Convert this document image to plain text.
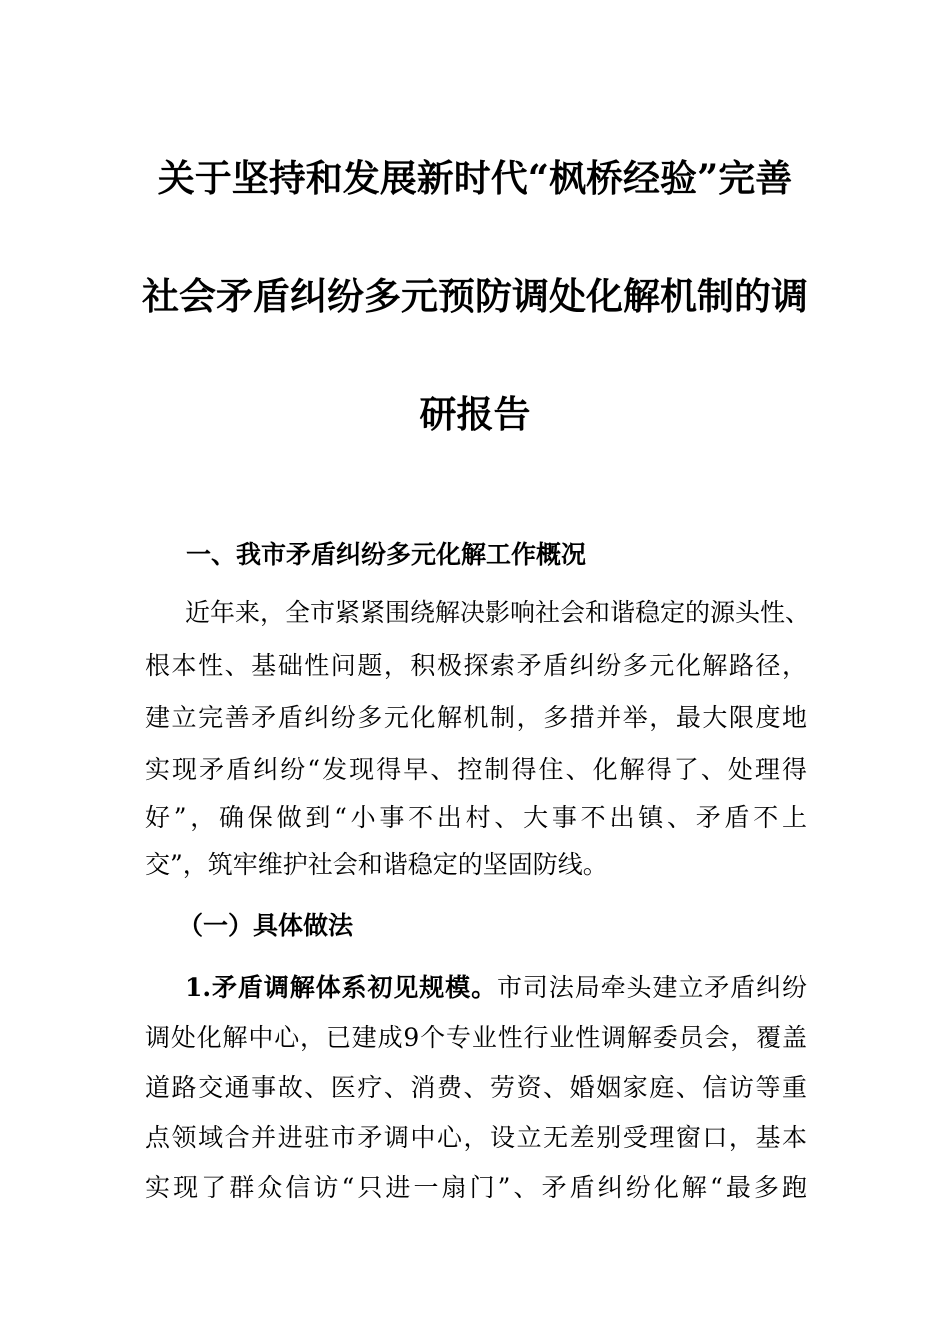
关于坚持和发展新时代“枫桥经验”完善
社会矛盾纠纷多元预防调处化解机制的调
研报告
一、我市矛盾纠纷多元化解工作概况
近年来，全市紧紧围绕解决影响社会和谐稳定的源头性、
根本性、基础性问题，积极探索矛盾纠纷多元化解路径，
建立完善矛盾纠纷多元化解机制，多措并举，最大限度地
实现矛盾纠纷“发现得早、控制得住、化解得了、处理得
好”，确保做到“小事不出村、大事不出镇、矛盾不上
交”，筑牢维护社会和谐稳定的坚固防线。
（一）具体做法
1.矛盾调解体系初见规模。市司法局牵头建立矛盾纠纷
调处化解中心，已建成9个专业性行业性调解委员会，覆盖
道路交通事故、医疗、消费、劳资、婚姻家庭、信访等重
点领域合并进驻市矛调中心，设立无差别受理窗口，基本
实现了群众信访“只进一扇门”、矛盾纠纷化解“最多跑
